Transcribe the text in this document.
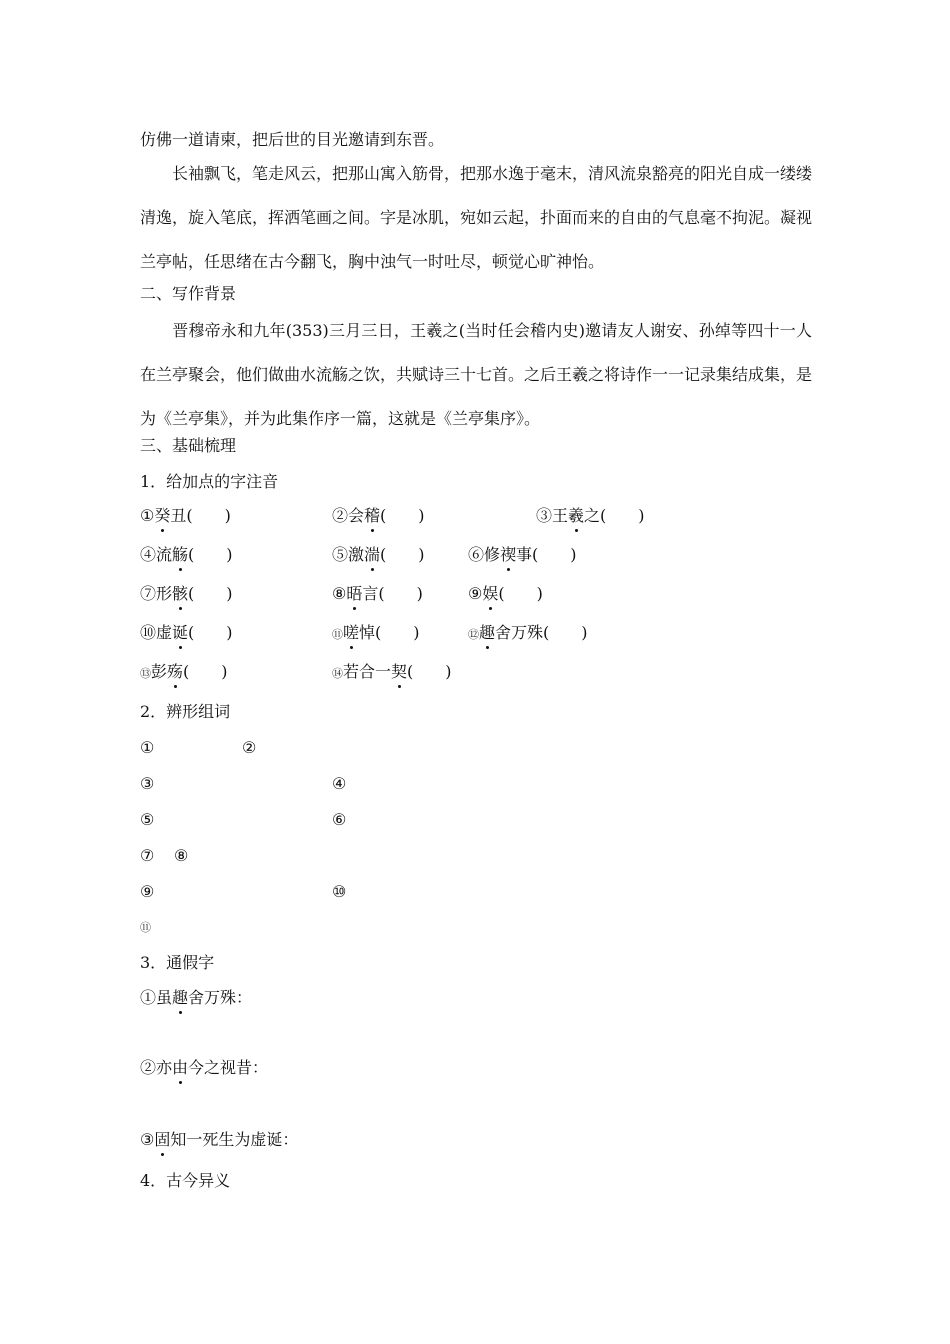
仿佛一道请柬，把后世的目光邀请到东晋。
长袖飘飞，笔走风云，把那山寓入筋骨，把那水逸于毫末，清风流泉豁亮的阳光自成一缕缕清逸，旋入笔底，挥洒笔画之间。字是冰肌，宛如云起，扑面而来的自由的气息毫不拘泥。凝视兰亭帖，任思绪在古今翻飞，胸中浊气一时吐尽，顿觉心旷神怡。
二、写作背景
晋穆帝永和九年(353)三月三日，王羲之(当时任会稽内史)邀请友人谢安、孙绰等四十一人在兰亭聚会，他们做曲水流觞之饮，共赋诗三十七首。之后王羲之将诗作一一记录集结成集，是为《兰亭集》，并为此集作序一篇，这就是《兰亭集序》。
三、基础梳理
1．给加点的字注音
①癸丑(　　)	②会稽(　　)	③王羲之(　　)
④流觞(　　)	⑤激湍(　　)	⑥修禊事(　　)
⑦形骸(　　)	⑧晤言(　　)	⑨娱(　　)
⑩虚诞(　　)	⑪嗟悼(　　)	⑫趣舍万殊(　　)
⑬彭殇(　　)	⑭若合一契(　　)
2．辨形组词
①	②
③	④
⑤	⑥
⑦ ⑧
⑨	⑩
⑪
3．通假字
①虽趣舍万殊：
②亦由今之视昔：
③固知一死生为虚诞：
4．古今异义
